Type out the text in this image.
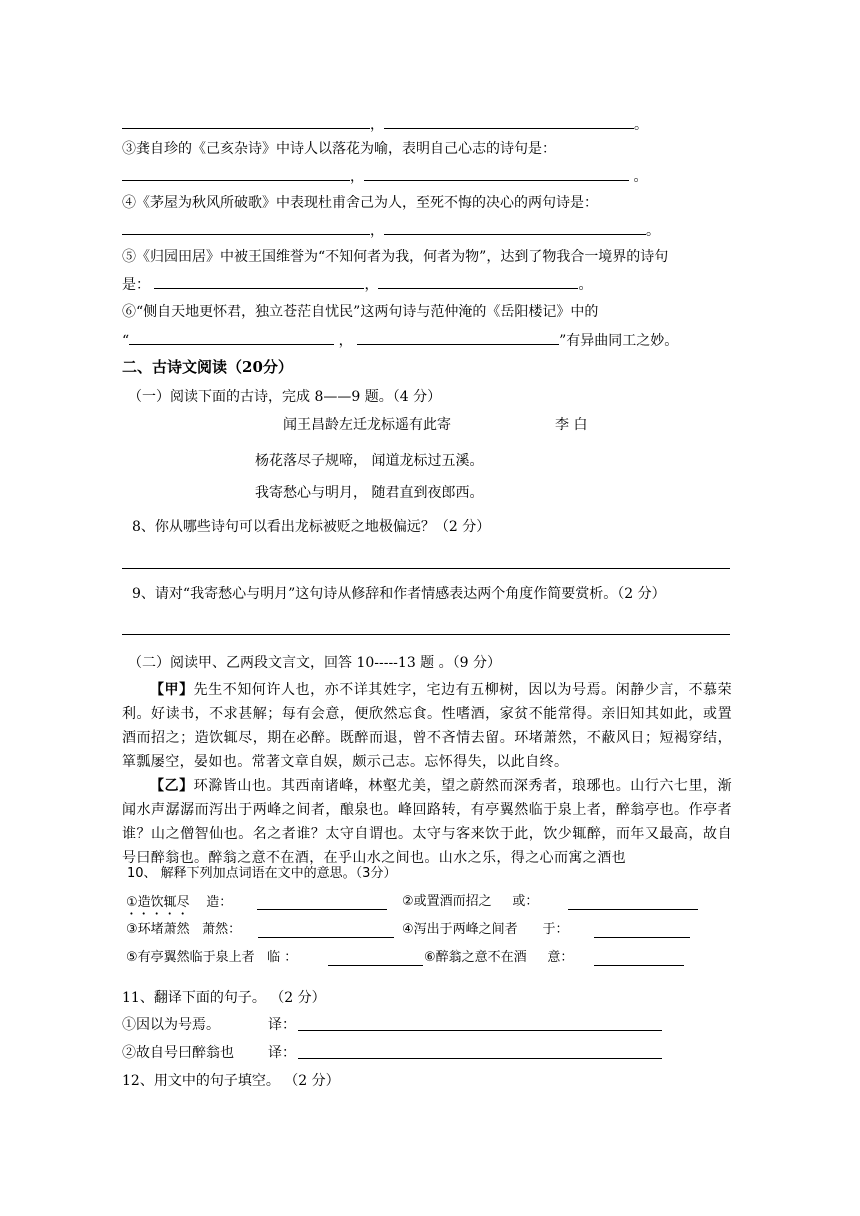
，	。
③龚自珍的《己亥杂诗》中诗人以落花为喻，表明自己心志的诗句是：
，	。
④《茅屋为秋风所破歌》中表现杜甫舍己为人，至死不悔的决心的两句诗是：
，	。
⑤《归园田居》中被王国维誉为“不知何者为我，何者为物”，达到了物我合一境界的诗句
是：	，	。
⑥“侧自天地更怀君，独立苍茫自忧民”这两句诗与范仲淹的《岳阳楼记》中的
“	，	”有异曲同工之妙。
二、古诗文阅读（20分）
（一）阅读下面的古诗，完成 8——9 题。（4 分）
闻王昌龄左迁龙标遥有此寄	李 白
杨花落尽子规啼， 闻道龙标过五溪。
我寄愁心与明月， 随君直到夜郎西。
8、你从哪些诗句可以看出龙标被贬之地极偏远？（2 分）
9、请对“我寄愁心与明月”这句诗从修辞和作者情感表达两个角度作简要赏析。（2 分）
（二）阅读甲、乙两段文言文，回答 10-----13 题 。（9 分）
【甲】先生不知何许人也，亦不详其姓字，宅边有五柳树，因以为号焉。闲静少言，不慕荣利。好读书，不求甚解；每有会意，便欣然忘食。性嗜酒，家贫不能常得。亲旧知其如此，或置酒而招之；造饮辄尽，期在必醉。既醉而退，曾不吝情去留。环堵萧然，不蔽风日；短褐穿结，箪瓢屡空，晏如也。常著文章自娱，颇示己志。忘怀得失，以此自终。
【乙】环滁皆山也。其西南诸峰，林壑尤美，望之蔚然而深秀者，琅琊也。山行六七里，渐闻水声潺潺而泻出于两峰之间者，酿泉也。峰回路转，有亭翼然临于泉上者，醉翁亭也。作亭者谁？山之僧智仙也。名之者谁？太守自谓也。太守与客来饮于此，饮少辄醉，而年又最高，故自号曰醉翁也。醉翁之意不在酒，在乎山水之间也。山水之乐，得之心而寓之酒也
10、 解释下列加点词语在文中的意思。（3分）
①造饮辄尽 造：	②或置酒而招之 或：
③环堵萧然 萧然：	④泻出于两峰之间者 于：
⑤有亭翼然临于泉上者 临 ：	⑥醉翁之意不在酒 意：
11、翻译下面的句子。 （2 分）
①因以为号焉。	译：
②故自号曰醉翁也 译：
12、用文中的句子填空。 （2 分）
